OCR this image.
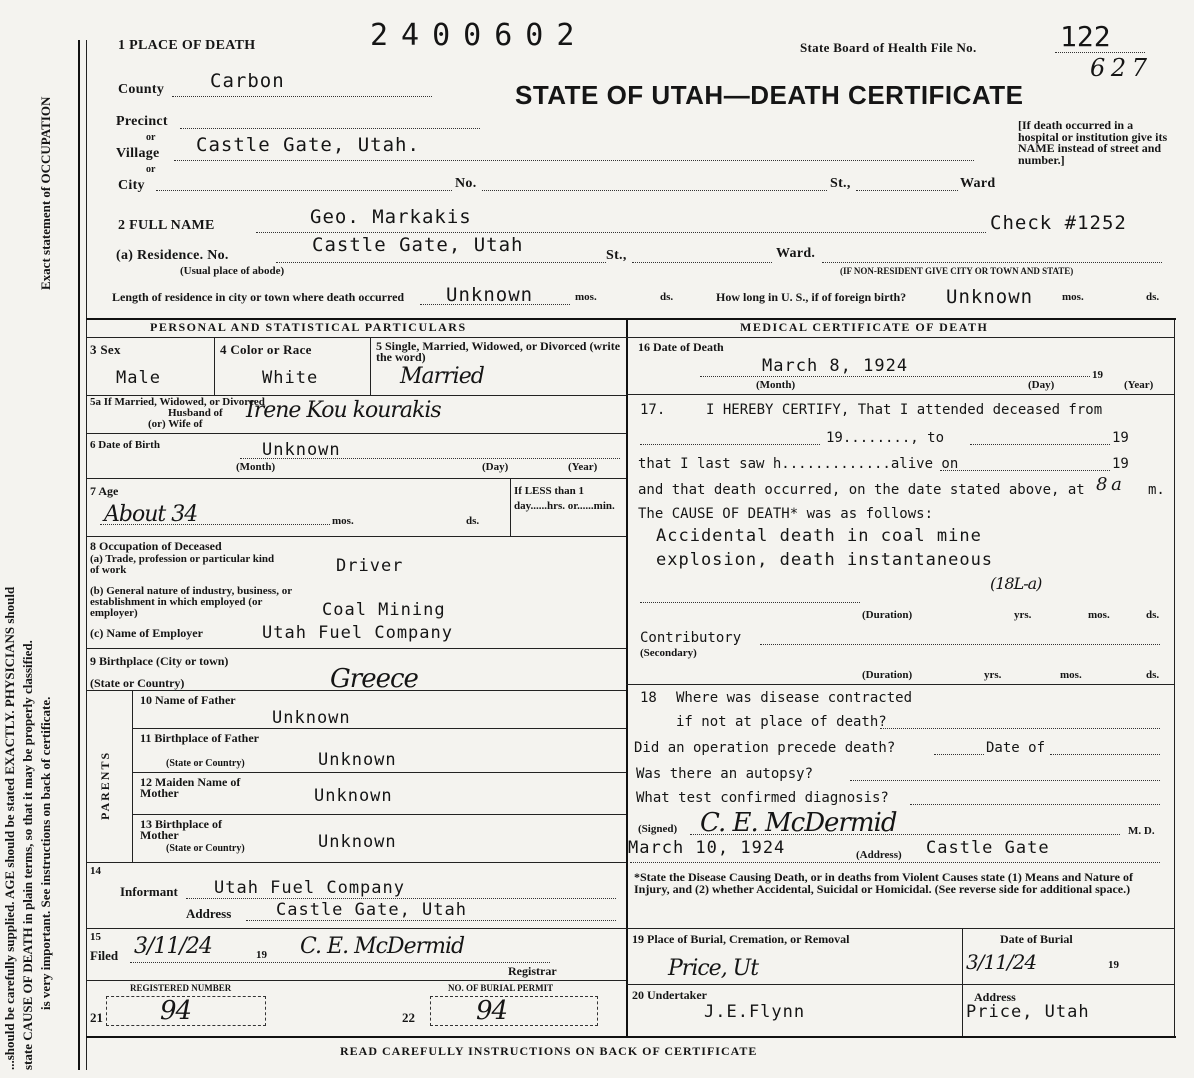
...should be carefully supplied. AGE should be stated EXACTLY. PHYSICIANS should state CAUSE OF DEATH in plain terms, so that it may be properly classified. is very important. See instructions on back of certificate.
Exact statement of OCCUPATION
1 PLACE OF DEATH	2400602	State Board of Health File No.	122
6 2 7
County Carbon	STATE OF UTAH—DEATH CERTIFICATE
Precinct
or
Village Castle Gate, Utah.
or
City	No.	St.,	Ward
[If death occurred in a hospital or institution give its NAME instead of street and number.]
2 FULL NAME	Geo. Markakis	Check #1252
(a) Residence. No.	Castle Gate, Utah	St.,	Ward.
(Usual place of abode)	(IF NON-RESIDENT GIVE CITY OR TOWN AND STATE)
Length of residence in city or town where death occurred Unknown	mos.	ds.	How long in U. S., if of foreign birth? Unknown	mos.	ds.
PERSONAL AND STATISTICAL PARTICULARS
3 Sex
Male
4 Color or Race
White
5 Single, Married, Widowed, or Divorced (write the word)
Married
5a If Married, Widowed, or Divorced
Husband of
(or) Wife of
Irene Kou kourakis
6 Date of Birth	Unknown
(Month)	(Day)	(Year)
7 Age
About 34	mos.	ds.
If LESS than 1 day......hrs. or......min.
8 Occupation of Deceased
(a) Trade, profession or particular kind of work	Driver
(b) General nature of industry, business, or establishment in which employed (or employer)	Coal Mining
(c) Name of Employer	Utah Fuel Company
9 Birthplace (City or town)
(State or Country)	Greece
PARENTS
10 Name of Father
Unknown
11 Birthplace of Father
(State or Country)	Unknown
12 Maiden Name of Mother	Unknown
13 Birthplace of Mother
(State or Country)	Unknown
14
Informant Utah Fuel Company
Address	Castle Gate, Utah
15
Filed 3/11/24	19 C. E. McDermid
Registrar
REGISTERED NUMBER
21 94
NO. OF BURIAL PERMIT
22 94
MEDICAL CERTIFICATE OF DEATH
16 Date of Death
March 8, 1924	19
(Month)	(Day)	(Year)
17.	I HEREBY CERTIFY, That I attended deceased from
19........, to	19
that I last saw h.............alive on	19
and that death occurred, on the date stated above, at 8 a m.
The CAUSE OF DEATH* was as follows:
Accidental death in coal mine
explosion, death instantaneous
(18L-a)
(Duration)	yrs.	mos.	ds.
Contributory
(Secondary)
(Duration)	yrs.	mos.	ds.
18 Where was disease contracted
if not at place of death?
Did an operation precede death?	Date of
Was there an autopsy?
What test confirmed diagnosis?
(Signed) C. E. McDermid	M. D.
March 10, 1924	(Address) Castle Gate
*State the Disease Causing Death, or in deaths from Violent Causes state (1) Means and Nature of Injury, and (2) whether Accidental, Suicidal or Homicidal. (See reverse side for additional space.)
19 Place of Burial, Cremation, or Removal
Price, Ut
Date of Burial
3/11/24	19
20 Undertaker
J.E.Flynn
Address
Price, Utah
READ CAREFULLY INSTRUCTIONS ON BACK OF CERTIFICATE
